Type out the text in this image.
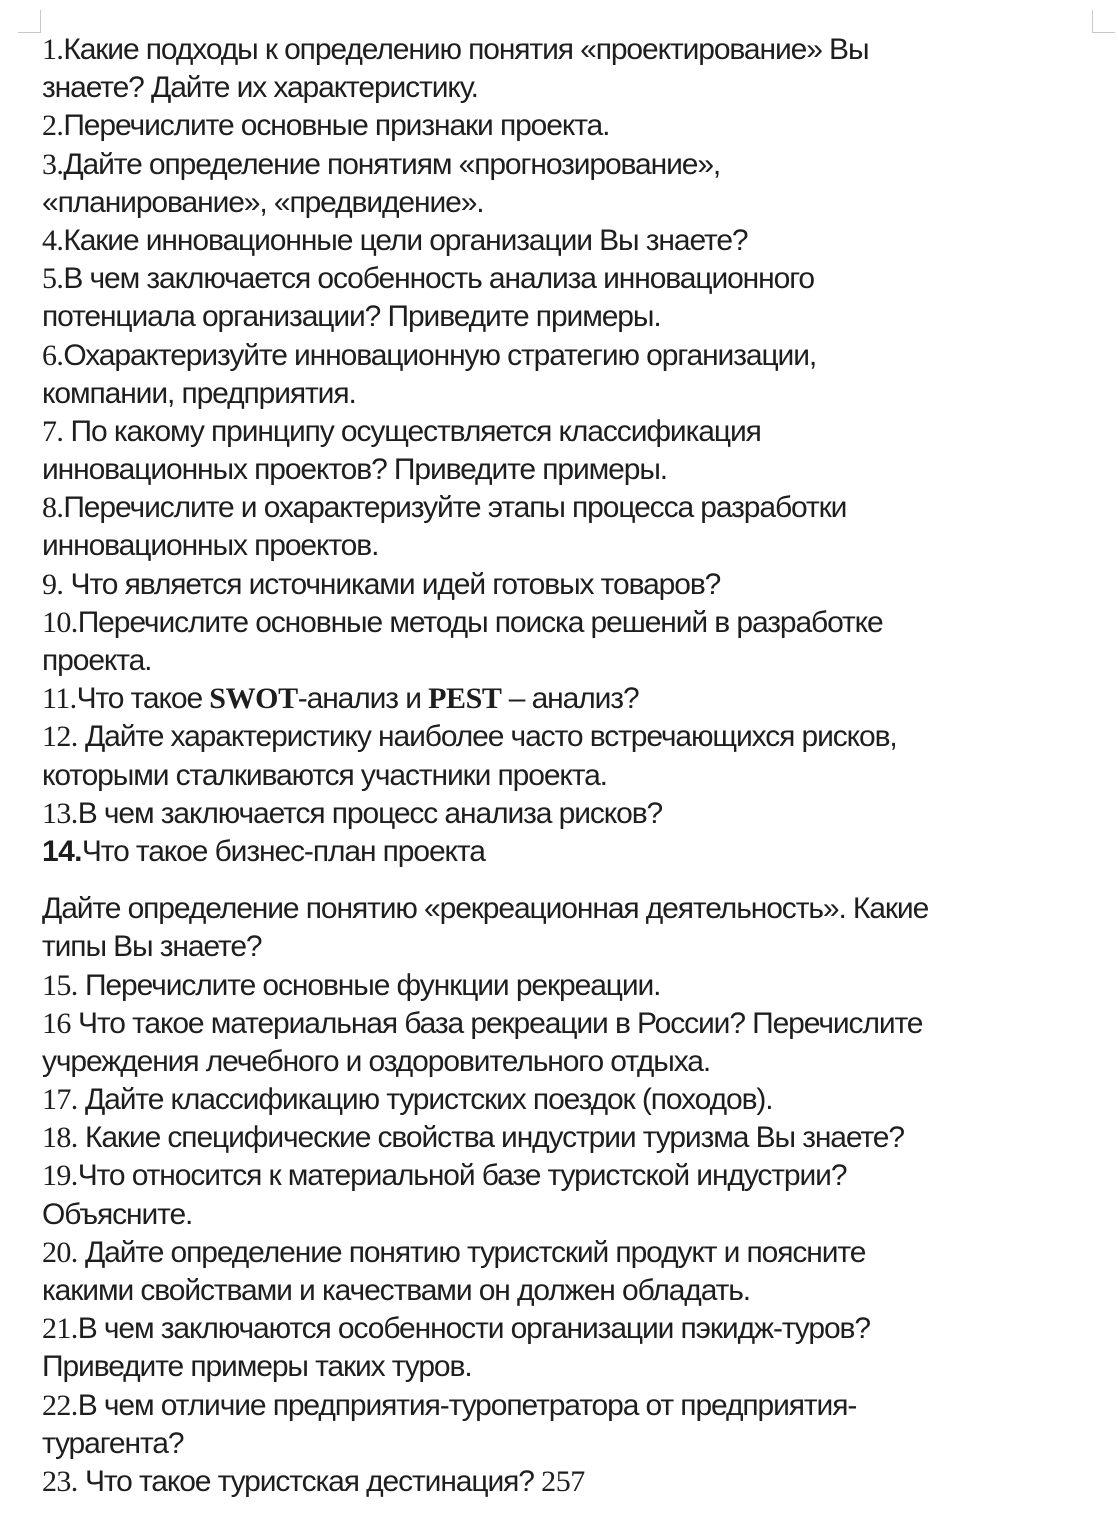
1.Какие подходы к определению понятия «проектирование» Вы
знаете? Дайте их характеристику.
2.Перечислите основные признаки проекта.
3.Дайте определение понятиям «прогнозирование»,
«планирование», «предвидение».
4.Какие инновационные цели организации Вы знаете?
5.В чем заключается особенность анализа инновационного
потенциала организации? Приведите примеры.
6.Охарактеризуйте инновационную стратегию организации,
компании, предприятия.
7. По какому принципу осуществляется классификация
инновационных проектов? Приведите примеры.
8.Перечислите и охарактеризуйте этапы процесса разработки
инновационных проектов.
9. Что является источниками идей готовых товаров?
10.Перечислите основные методы поиска решений в разработке
проекта.
11.Что такое SWOT-анализ и PEST – анализ?
12. Дайте характеристику наиболее часто встречающихся рисков,
которыми сталкиваются участники проекта.
13.В чем заключается процесс анализа рисков?
14.Что такое бизнес-план проекта
Дайте определение понятию «рекреационная деятельность». Какие
типы Вы знаете?
15. Перечислите основные функции рекреации.
16 Что такое материальная база рекреации в России? Перечислите
учреждения лечебного и оздоровительного отдыха.
17. Дайте классификацию туристских поездок (походов).
18. Какие специфические свойства индустрии туризма Вы знаете?
19.Что относится к материальной базе туристской индустрии?
Объясните.
20. Дайте определение понятию туристский продукт и поясните
какими свойствами и качествами он должен обладать.
21.В чем заключаются особенности организации пэкидж-туров?
Приведите примеры таких туров.
22.В чем отличие предприятия-туропетратора от предприятия-
турагента?
23. Что такое туристская дестинация? 257
